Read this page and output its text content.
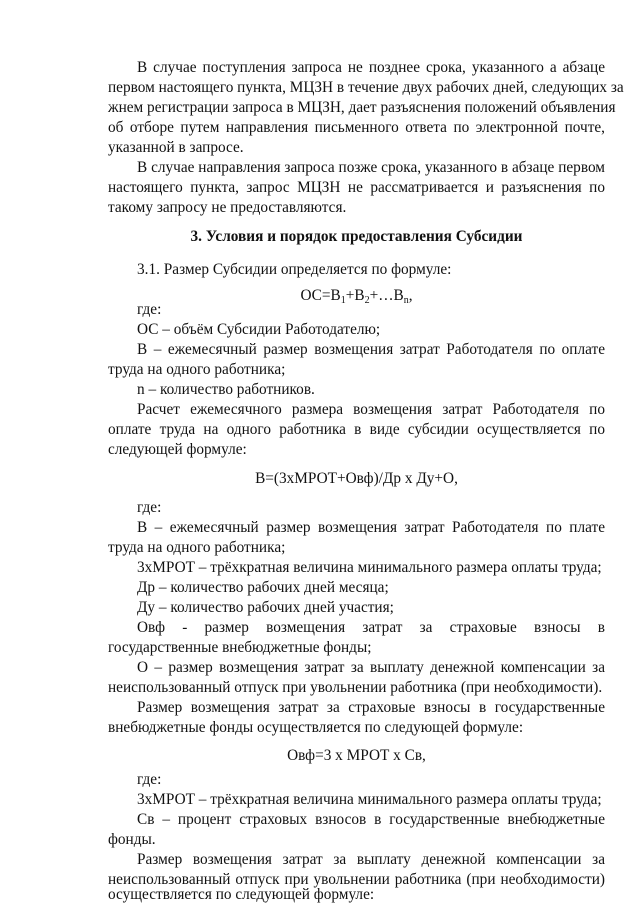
В случае поступления запроса не позднее срока, указанного а абзаце
первом настоящего пункта, МЦЗН в течение двух рабочих дней, следующих за
жнем регистрации запроса в МЦЗН, дает разъяснения положений объявления
об отборе путем направления письменного ответа по электронной почте,
указанной в запросе.
В случае направления запроса позже срока, указанного в абзаце первом
настоящего пункта, запрос МЦЗН не рассматривается и разъяснения по
такому запросу не предоставляются.
3. Условия и порядок предоставления Субсидии
3.1. Размер Субсидии определяется по формуле:
$ОС=В_1+В_2+\dots В_n$,
где:
ОС – объём Субсидии Работодателю;
В – ежемесячный размер возмещения затрат Работодателя по оплате
труда на одного работника;
n – количество работников.
Расчет ежемесячного размера возмещения затрат Работодателя по
оплате труда на одного работника в виде субсидии осуществляется по
следующей формуле:
В=(3хМРОТ+Овф)/Др х Ду+О,
где:
В – ежемесячный размер возмещения затрат Работодателя по плате
труда на одного работника;
3хМРОТ – трёхкратная величина минимального размера оплаты труда;
Др – количество рабочих дней месяца;
Ду – количество рабочих дней участия;
Овф - размер возмещения затрат за страховые взносы в
государственные внебюджетные фонды;
О – размер возмещения затрат за выплату денежной компенсации за
неиспользованный отпуск при увольнении работника (при необходимости).
Размер возмещения затрат за страховые взносы в государственные
внебюджетные фонды осуществляется по следующей формуле:
Овф=3 х МРОТ х Св,
где:
3хМРОТ – трёхкратная величина минимального размера оплаты труда;
Св – процент страховых взносов в государственные внебюджетные
фонды.
Размер возмещения затрат за выплату денежной компенсации за
неиспользованный отпуск при увольнении работника (при необходимости)
осуществляется по следующей формуле:
